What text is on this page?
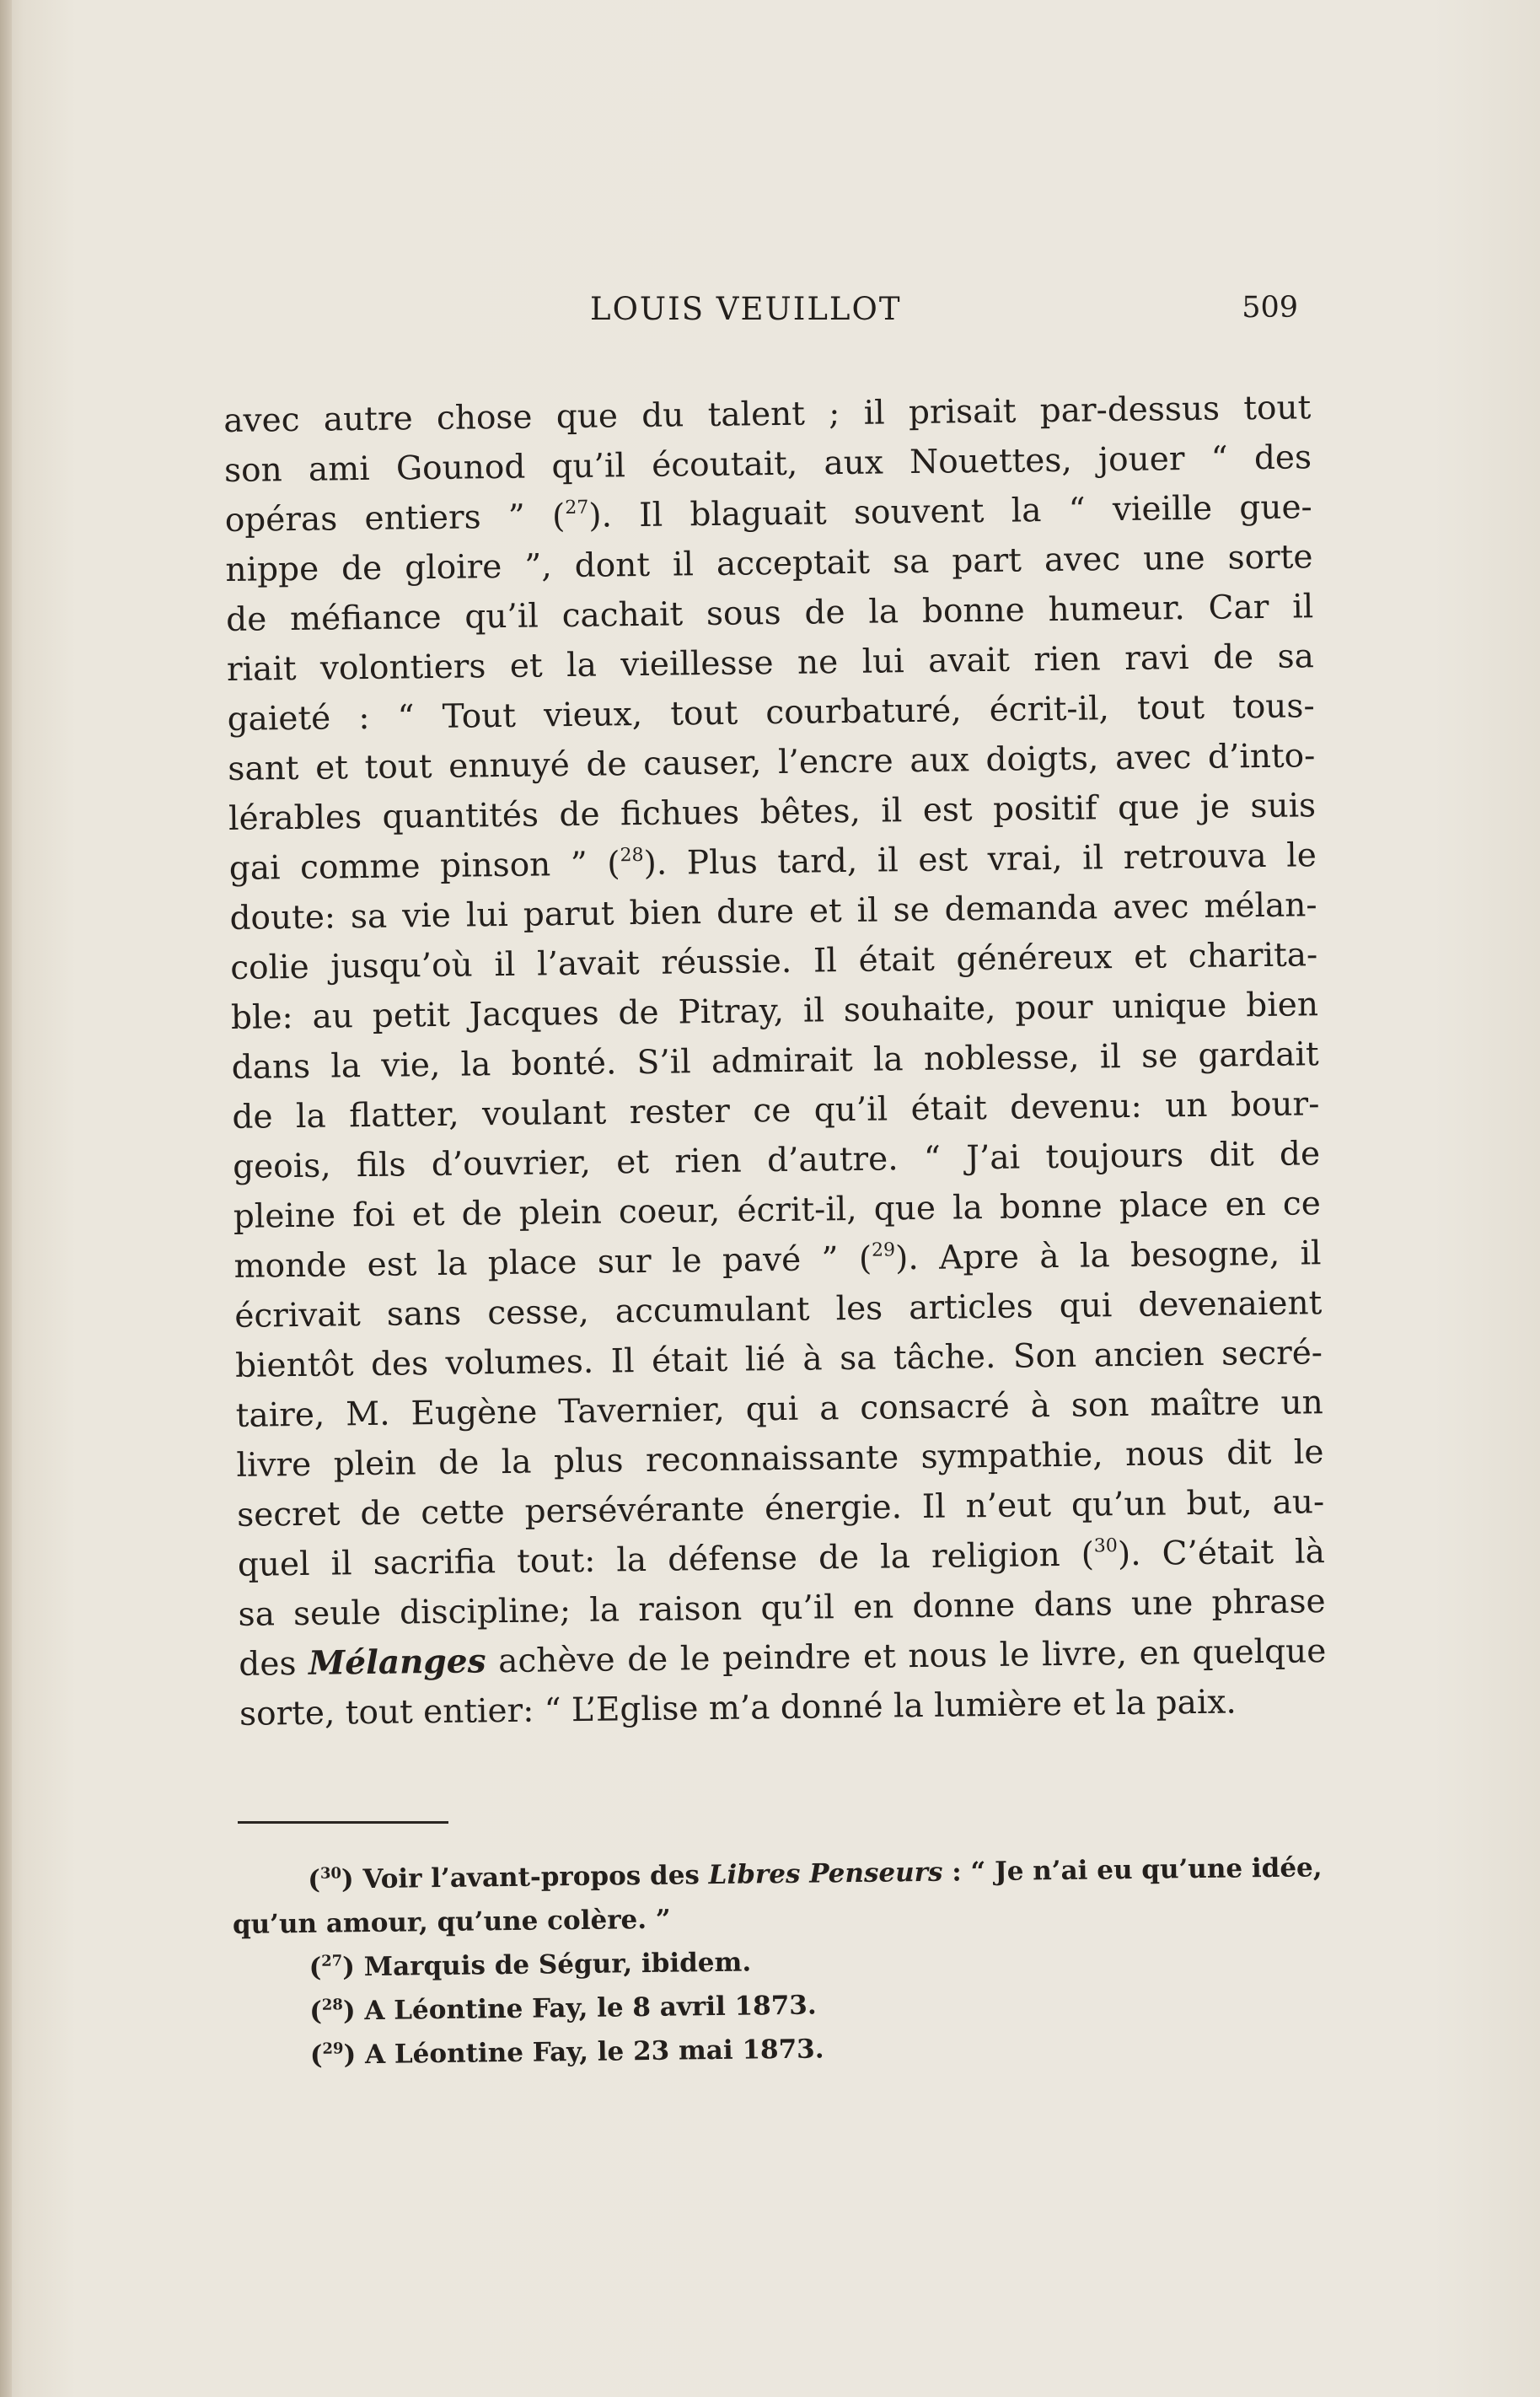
LOUIS VEUILLOT	509
avec autre chose que du talent ; il prisait par-dessus tout
son ami Gounod qu’il écoutait, aux Nouettes, jouer “ des
opéras entiers ” ($^{27}$). Il blaguait souvent la “ vieille gue-
nippe de gloire ”, dont il acceptait sa part avec une sorte
de méfiance qu’il cachait sous de la bonne humeur. Car il
riait volontiers et la vieillesse ne lui avait rien ravi de sa
gaieté : “ Tout vieux, tout courbaturé, écrit-il, tout tous-
sant et tout ennuyé de causer, l’encre aux doigts, avec d’into-
lérables quantités de fichues bêtes, il est positif que je suis
gai comme pinson ” ($^{28}$). Plus tard, il est vrai, il retrouva le
doute: sa vie lui parut bien dure et il se demanda avec mélan-
colie jusqu’où il l’avait réussie. Il était généreux et charita-
ble: au petit Jacques de Pitray, il souhaite, pour unique bien
dans la vie, la bonté. S’il admirait la noblesse, il se gardait
de la flatter, voulant rester ce qu’il était devenu: un bour-
geois, fils d’ouvrier, et rien d’autre. “ J’ai toujours dit de
pleine foi et de plein coeur, écrit-il, que la bonne place en ce
monde est la place sur le pavé ” ($^{29}$). Apre à la besogne, il
écrivait sans cesse, accumulant les articles qui devenaient
bientôt des volumes. Il était lié à sa tâche. Son ancien secré-
taire, M. Eugène Tavernier, qui a consacré à son maître un
livre plein de la plus reconnaissante sympathie, nous dit le
secret de cette persévérante énergie. Il n’eut qu’un but, au-
quel il sacrifia tout: la défense de la religion ($^{30}$). C’était là
sa seule discipline; la raison qu’il en donne dans une phrase
des Mélanges achève de le peindre et nous le livre, en quelque
sorte, tout entier: “ L’Eglise m’a donné la lumière et la paix.
($^{30}$) Voir l’avant-propos des Libres Penseurs : “ Je n’ai eu qu’une idée,
qu’un amour, qu’une colère. ”
($^{27}$) Marquis de Ségur, ibidem.
($^{28}$) A Léontine Fay, le 8 avril 1873.
($^{29}$) A Léontine Fay, le 23 mai 1873.
